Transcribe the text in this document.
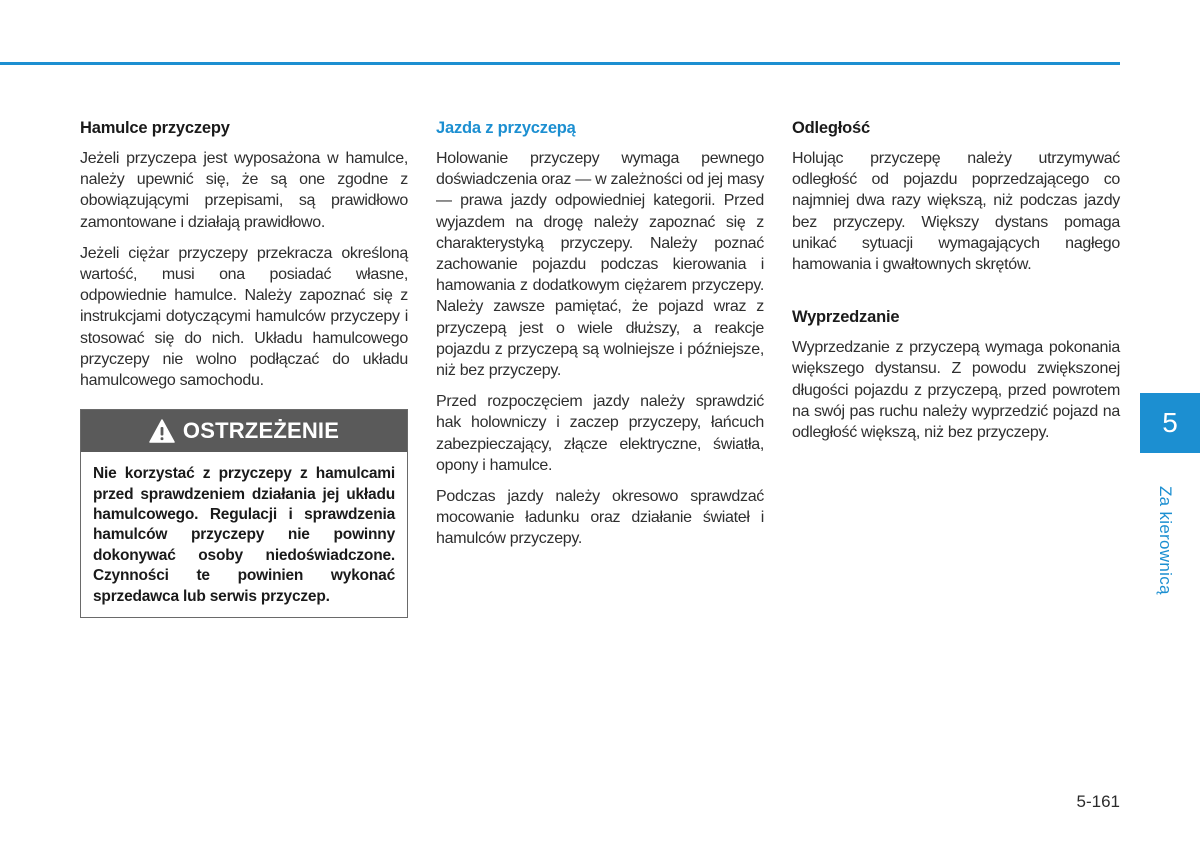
Hamulce przyczepy

Jeżeli przyczepa jest wyposażona w hamulce, należy upewnić się, że są one zgodne z obowiązującymi przepisami, są prawidłowo zamontowane i działają prawidłowo.

Jeżeli ciężar przyczepy przekracza określoną wartość, musi ona posiadać własne, odpowiednie hamulce. Należy zapoznać się z instrukcjami dotyczącymi hamulców przyczepy i stosować się do nich. Układu hamulcowego przyczepy nie wolno podłączać do układu hamulcowego samochodu.

OSTRZEŻENIE

Nie korzystać z przyczepy z hamulcami przed sprawdzeniem działania jej układu hamulcowego. Regulacji i sprawdzenia hamulców przyczepy nie powinny dokonywać osoby niedoświadczone. Czynności te powinien wykonać sprzedawca lub serwis przyczep.

Jazda z przyczepą

Holowanie przyczepy wymaga pewnego doświadczenia oraz — w zależności od jej masy — prawa jazdy odpowiedniej kategorii. Przed wyjazdem na drogę należy zapoznać się z charakterystyką przyczepy. Należy poznać zachowanie pojazdu podczas kierowania i hamowania z dodatkowym ciężarem przyczepy. Należy zawsze pamiętać, że pojazd wraz z przyczepą jest o wiele dłuższy, a reakcje pojazdu z przyczepą są wolniejsze i późniejsze, niż bez przyczepy.

Przed rozpoczęciem jazdy należy sprawdzić hak holowniczy i zaczep przyczepy, łańcuch zabezpieczający, złącze elektryczne, światła, opony i hamulce.

Podczas jazdy należy okresowo sprawdzać mocowanie ładunku oraz działanie świateł i hamulców przyczepy.

Odległość

Holując przyczepę należy utrzymywać odległość od pojazdu poprzedzającego co najmniej dwa razy większą, niż podczas jazdy bez przyczepy. Większy dystans pomaga unikać sytuacji wymagających nagłego hamowania i gwałtownych skrętów.

Wyprzedzanie

Wyprzedzanie z przyczepą wymaga pokonania większego dystansu. Z powodu zwiększonej długości pojazdu z przyczepą, przed powrotem na swój pas ruchu należy wyprzedzić pojazd na odległość większą, niż bez przyczepy.	5
Za kierownicą
5-161
